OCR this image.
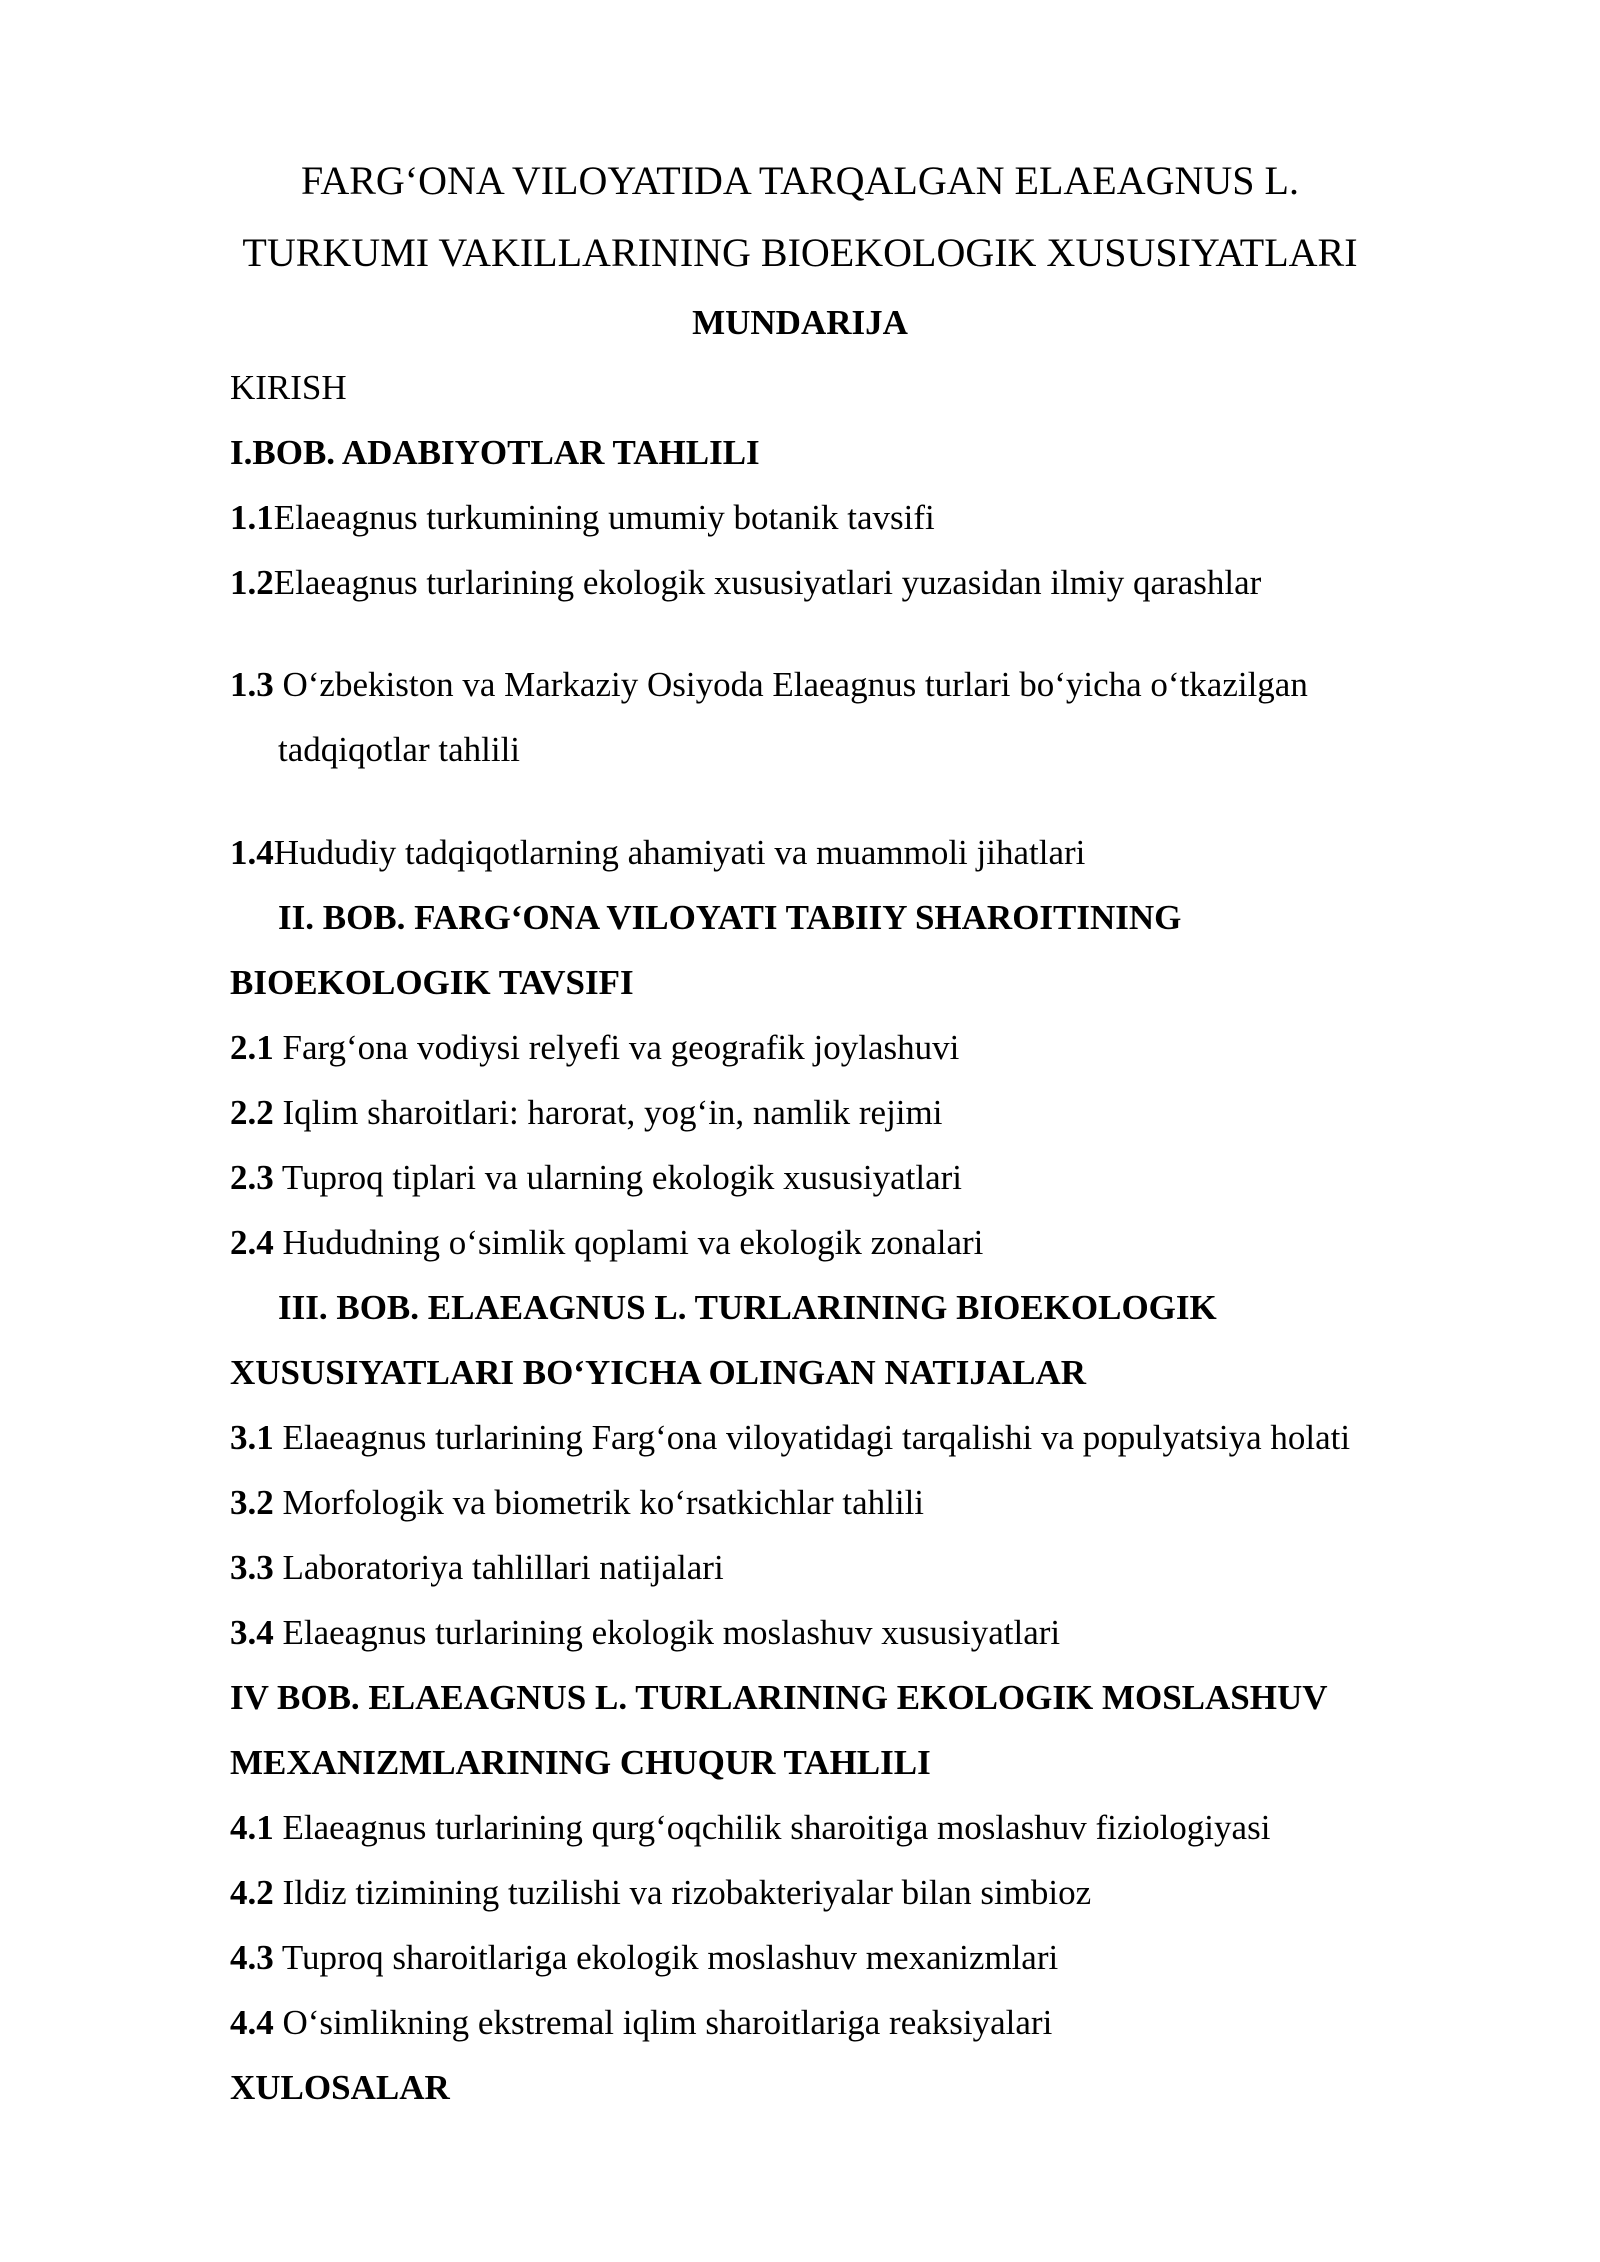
FARG‘ONA VILOYATIDA TARQALGAN ELAEAGNUS L.
TURKUMI VAKILLARINING BIOEKOLOGIK XUSUSIYATLARI
MUNDARIJA
KIRISH
I.BOB. ADABIYOTLAR TAHLILI
1.1Elaeagnus turkumining umumiy botanik tavsifi
1.2Elaeagnus turlarining ekologik xususiyatlari yuzasidan ilmiy qarashlar
1.3 O‘zbekiston va Markaziy Osiyoda Elaeagnus turlari bo‘yicha o‘tkazilgan
tadqiqotlar tahlili
1.4Hududiy tadqiqotlarning ahamiyati va muammoli jihatlari
II. BOB. FARG‘ONA VILOYATI TABIIY SHAROITINING
BIOEKOLOGIK TAVSIFI
2.1 Farg‘ona vodiysi relyefi va geografik joylashuvi
2.2 Iqlim sharoitlari: harorat, yog‘in, namlik rejimi
2.3 Tuproq tiplari va ularning ekologik xususiyatlari
2.4 Hududning o‘simlik qoplami va ekologik zonalari
III. BOB. ELAEAGNUS L. TURLARINING BIOEKOLOGIK
XUSUSIYATLARI BO‘YICHA OLINGAN NATIJALAR
3.1 Elaeagnus turlarining Farg‘ona viloyatidagi tarqalishi va populyatsiya holati
3.2 Morfologik va biometrik ko‘rsatkichlar tahlili
3.3 Laboratoriya tahlillari natijalari
3.4 Elaeagnus turlarining ekologik moslashuv xususiyatlari
IV BOB. ELAEAGNUS L. TURLARINING EKOLOGIK MOSLASHUV
MEXANIZMLARINING CHUQUR TAHLILI
4.1 Elaeagnus turlarining qurg‘oqchilik sharoitiga moslashuv fiziologiyasi
4.2 Ildiz tizimining tuzilishi va rizobakteriyalar bilan simbioz
4.3 Tuproq sharoitlariga ekologik moslashuv mexanizmlari
4.4 O‘simlikning ekstremal iqlim sharoitlariga reaksiyalari
XULOSALAR
